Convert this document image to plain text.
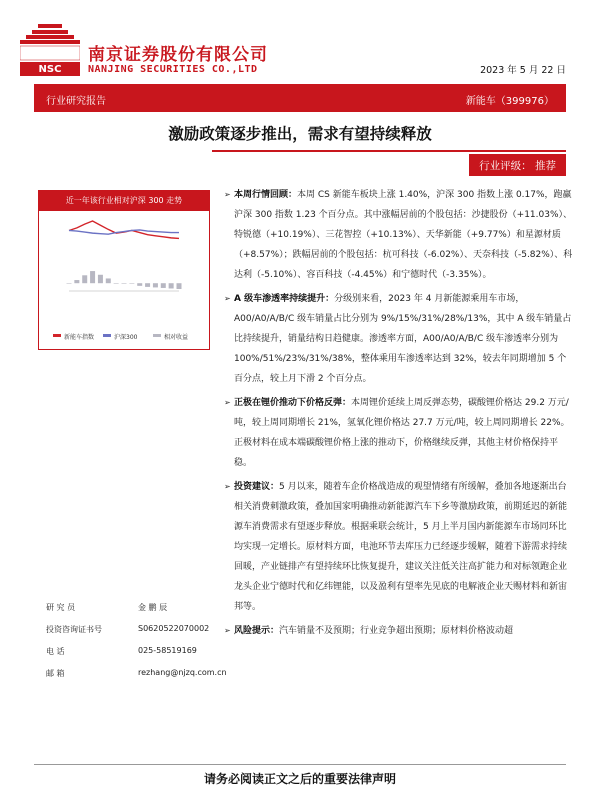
NSC
南京证券股份有限公司
NANJING SECURITIES CO.,LTD	2023 年 5 月 22 日
行业研究报告	新能车（399976）
激励政策逐步推出，需求有望持续释放
行业评级： 推荐
近一年该行业相对沪深 300 走势
新能车指数	沪深300	相对收益
研 究 员	金 鹏 辰
投资咨询证书号	S0620522070002
电 话	025-58519169
邮 箱	rezhang@njzq.com.cn
➢ 本周行情回顾：本周 CS 新能车板块上涨 1.40%，沪深 300 指数上涨 0.17%，跑赢沪深 300 指数 1.23 个百分点。其中涨幅居前的个股包括：沙捷股份（+11.03%）、特锐德（+10.19%）、三花智控（+10.13%）、天华新能（+9.77%）和星源材质（+8.57%）；跌幅居前的个股包括：杭可科技（-6.02%）、天奈科技（-5.82%）、科达利（-5.10%）、容百科技（-4.45%）和宁德时代（-3.35%）。
➢ A 级车渗透率持续提升：分级别来看，2023 年 4 月新能源乘用车市场，A00/A0/A/B/C 级车销量占比分别为 9%/15%/31%/28%/13%，其中 A 级车销量占比持续提升，销量结构日趋健康。渗透率方面，A00/A0/A/B/C 级车渗透率分别为 100%/51%/23%/31%/38%，整体乘用车渗透率达到 32%，较去年同期增加 5 个百分点，较上月下滑 2 个百分点。
➢ 正极在锂价推动下价格反弹：本周锂价延续上周反弹态势，碳酸锂价格达 29.2 万元/吨，较上周同期增长 21%，氢氧化锂价格达 27.7 万元/吨，较上周同期增长 22%。正极材料在成本端碳酸锂价格上涨的推动下，价格继续反弹，其他主材价格保持平稳。
➢ 投资建议：5 月以来，随着车企价格战造成的观望情绪有所缓解，叠加各地逐渐出台相关消费刺激政策，叠加国家明确推动新能源汽车下乡等激励政策，前期延迟的新能源车消费需求有望逐步释放。根据乘联会统计，5 月上半月国内新能源车市场同环比均实现一定增长。原材料方面，电池环节去库压力已经逐步缓解，随着下游需求持续回暖，产业链排产有望持续环比恢复提升，建议关注低关注高扩能力和对标领跑企业龙头企业宁德时代和亿纬锂能，以及盈利有望率先见底的电解液企业天赐材料和新宙邦等。
➢ 风险提示：汽车销量不及预期；行业竞争超出预期；原材料价格波动超
请务必阅读正文之后的重要法律声明
